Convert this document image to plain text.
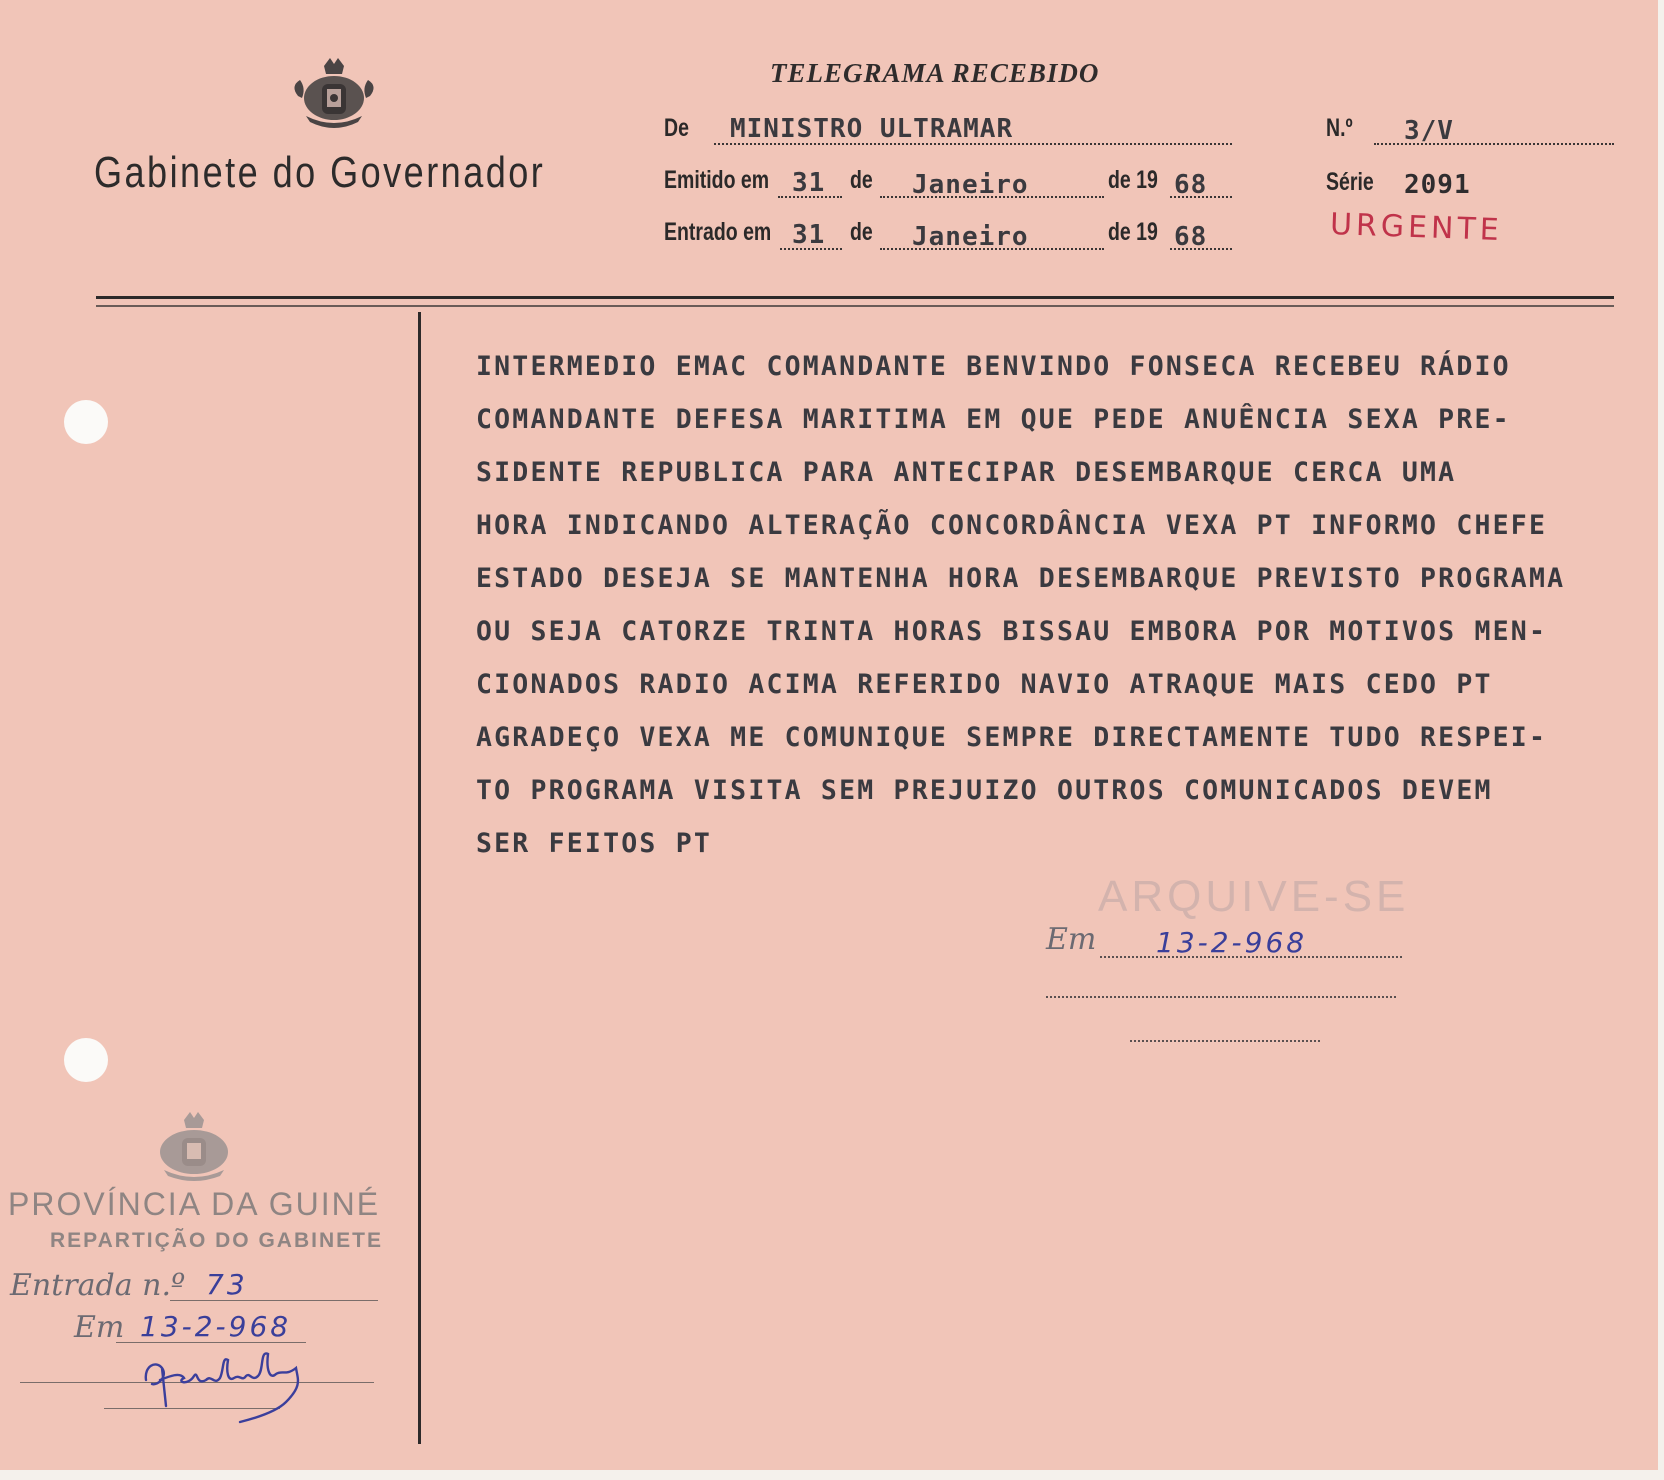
Gabinete do Governador
TELEGRAMA RECEBIDO
De MINISTRO ULTRAMAR
Emitido em 31 de Janeiro	de 19 68
Entrado em 31 de Janeiro	de 19 68
N.º 3/V
Série 2091
URGENTE
INTERMEDIO EMAC COMANDANTE BENVINDO FONSECA RECEBEU RÁDIO
COMANDANTE DEFESA MARITIMA EM QUE PEDE ANUÊNCIA SEXA PRE-
SIDENTE REPUBLICA PARA ANTECIPAR DESEMBARQUE CERCA UMA
HORA INDICANDO ALTERAÇÃO CONCORDÂNCIA VEXA PT INFORMO CHEFE
ESTADO DESEJA SE MANTENHA HORA DESEMBARQUE PREVISTO PROGRAMA
OU SEJA CATORZE TRINTA HORAS BISSAU EMBORA POR MOTIVOS MEN-
CIONADOS RADIO ACIMA REFERIDO NAVIO ATRAQUE MAIS CEDO PT
AGRADEÇO VEXA ME COMUNIQUE SEMPRE DIRECTAMENTE TUDO RESPEI-
TO PROGRAMA VISITA SEM PREJUIZO OUTROS COMUNICADOS DEVEM
SER FEITOS PT
ARQUIVE-SE
Em 13-2-968
PROVÍNCIA DA GUINÉ
REPARTIÇÃO DO GABINETE
Entrada n.º 73
Em 13-2-968
